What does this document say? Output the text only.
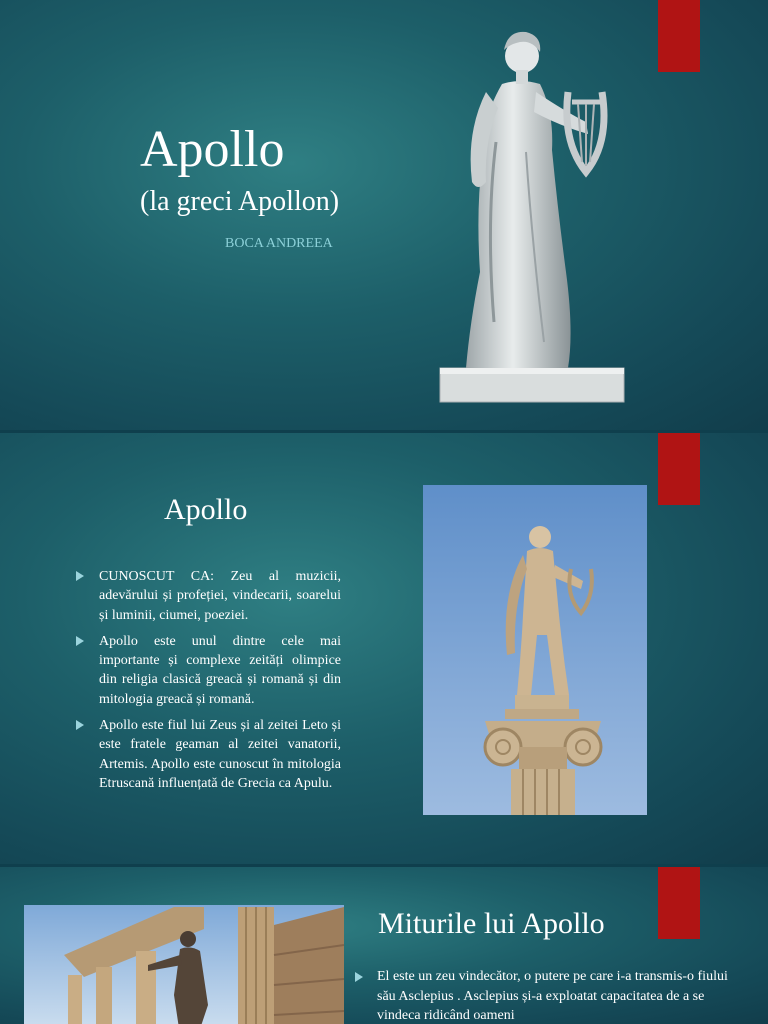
Apollo
(la greci Apollon)
BOCA ANDREEA
Apollo
CUNOSCUT CA: Zeu al muzicii, adevărului și profeției, vindecarii, soarelui și luminii, ciumei, poeziei.
Apollo este unul dintre cele mai importante și complexe zeități olimpice din religia clasică greacă și romană și din mitologia greacă și romană.
Apollo este fiul lui Zeus și al zeitei Leto și este fratele geaman al zeitei vanatorii, Artemis. Apollo este cunoscut în mitologia Etruscană influențată de Grecia ca Apulu.
Miturile lui Apollo
El este un zeu vindecător, o putere pe care i-a transmis-o fiului său Asclepius . Asclepius și-a exploatat capacitatea de a se vindeca ridicând oameni
